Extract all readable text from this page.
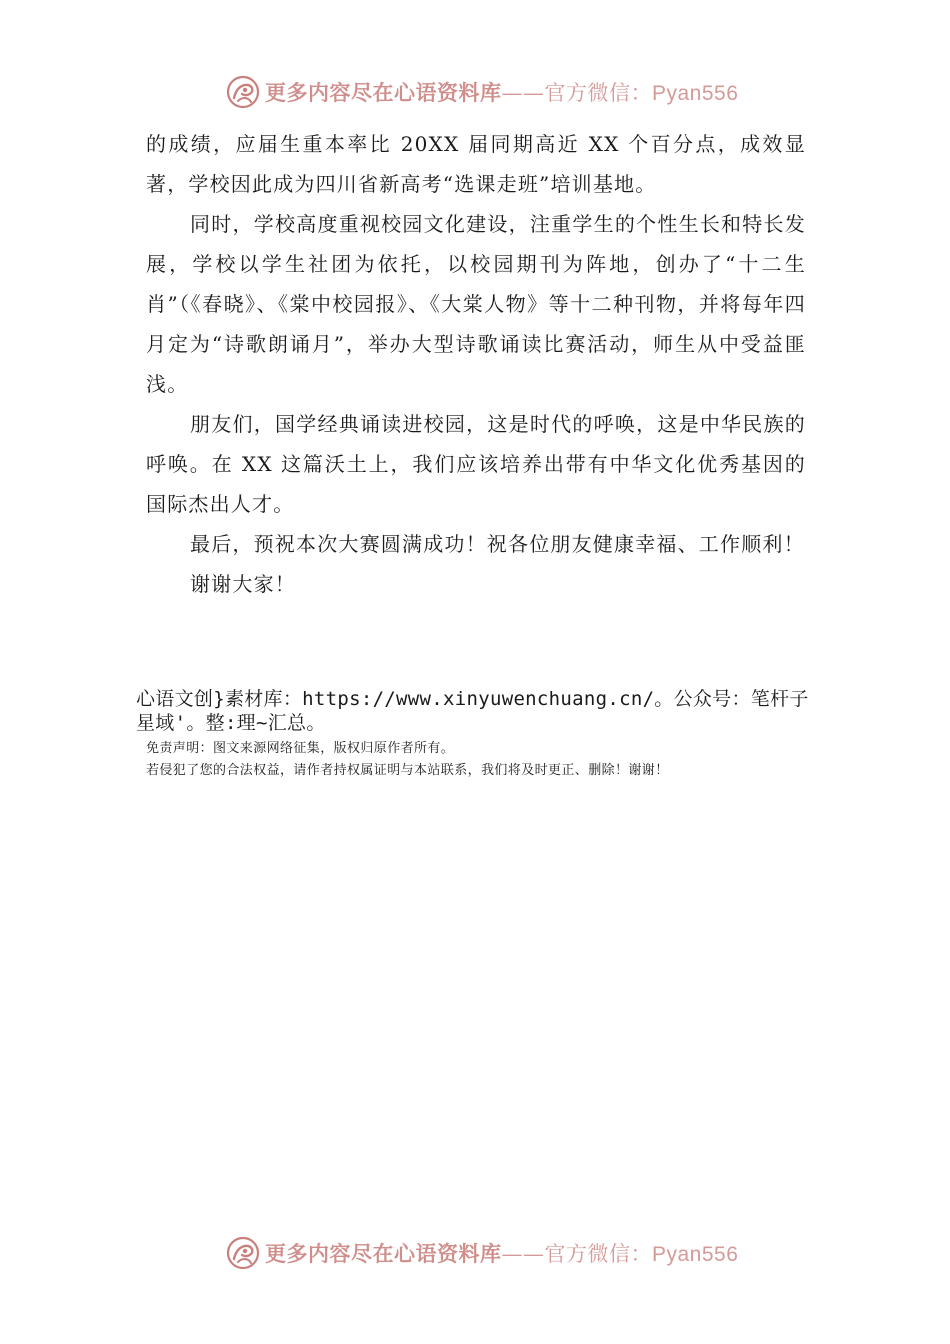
更多内容尽在心语资料库——官方微信：Pyan556

的成绩，应届生重本率比 20XX 届同期高近 XX 个百分点，成效显著，学校因此成为四川省新高考“选课走班”培训基地。

同时，学校高度重视校园文化建设，注重学生的个性生长和特长发展，学校以学生社团为依托，以校园期刊为阵地，创办了“十二生肖”（《春晓》、《棠中校园报》、《大棠人物》等十二种刊物，并将每年四月定为“诗歌朗诵月”，举办大型诗歌诵读比赛活动，师生从中受益匪浅。

朋友们，国学经典诵读进校园，这是时代的呼唤，这是中华民族的呼唤。在 XX 这篇沃土上，我们应该培养出带有中华文化优秀基因的国际杰出人才。

最后，预祝本次大赛圆满成功！祝各位朋友健康幸福、工作顺利！

谢谢大家！

心语文创}素材库：https://www.xinyuwenchuang.cn/。公众号：笔杆子星域'。整:理~汇总。

免责声明：图文来源网络征集，版权归原作者所有。

若侵犯了您的合法权益，请作者持权属证明与本站联系，我们将及时更正、删除！谢谢！

更多内容尽在心语资料库——官方微信：Pyan556
